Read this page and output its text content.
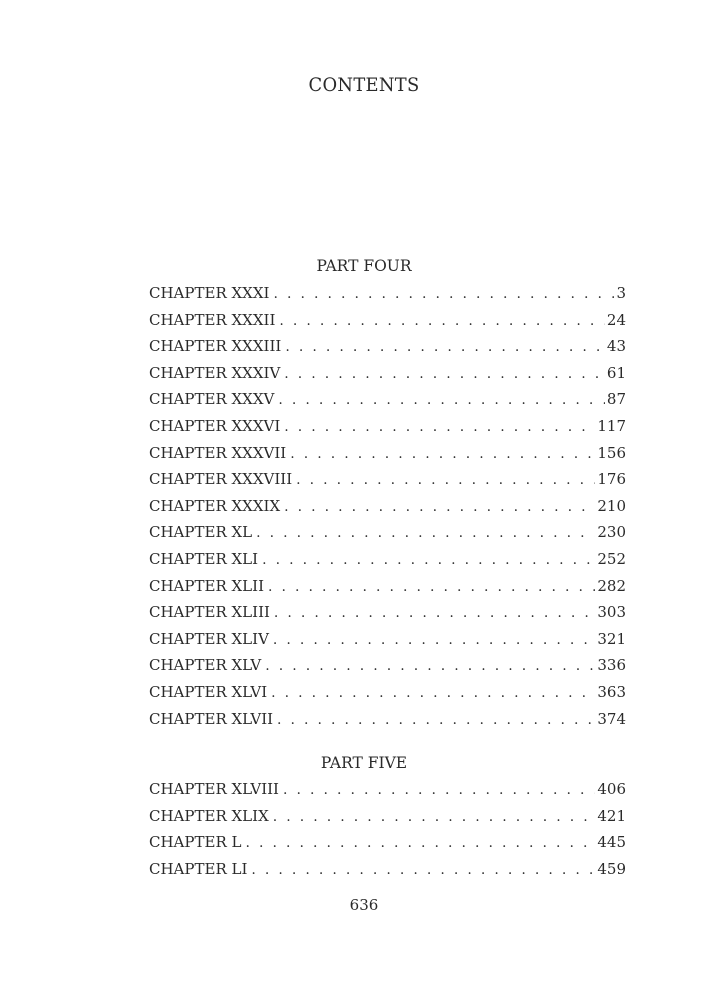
CONTENTS
PART FOUR
CHAPTER XXXI . . .	3
CHAPTER XXXII . . .	24
CHAPTER XXXIII . . .	43
CHAPTER XXXIV . . .	61
CHAPTER XXXV . . .	87
CHAPTER XXXVI . . .	117
CHAPTER XXXVII . . .	156
CHAPTER XXXVIII . . .	176
CHAPTER XXXIX . . .	210
CHAPTER XL . . .	230
CHAPTER XLI . . .	252
CHAPTER XLII . . .	282
CHAPTER XLIII . . .	303
CHAPTER XLIV . . .	321
CHAPTER XLV . . .	336
CHAPTER XLVI . . .	363
CHAPTER XLVII . . .	374
PART FIVE
CHAPTER XLVIII . . .	406
CHAPTER XLIX . . .	421
CHAPTER L . . .	445
CHAPTER LI . . .	459

636
